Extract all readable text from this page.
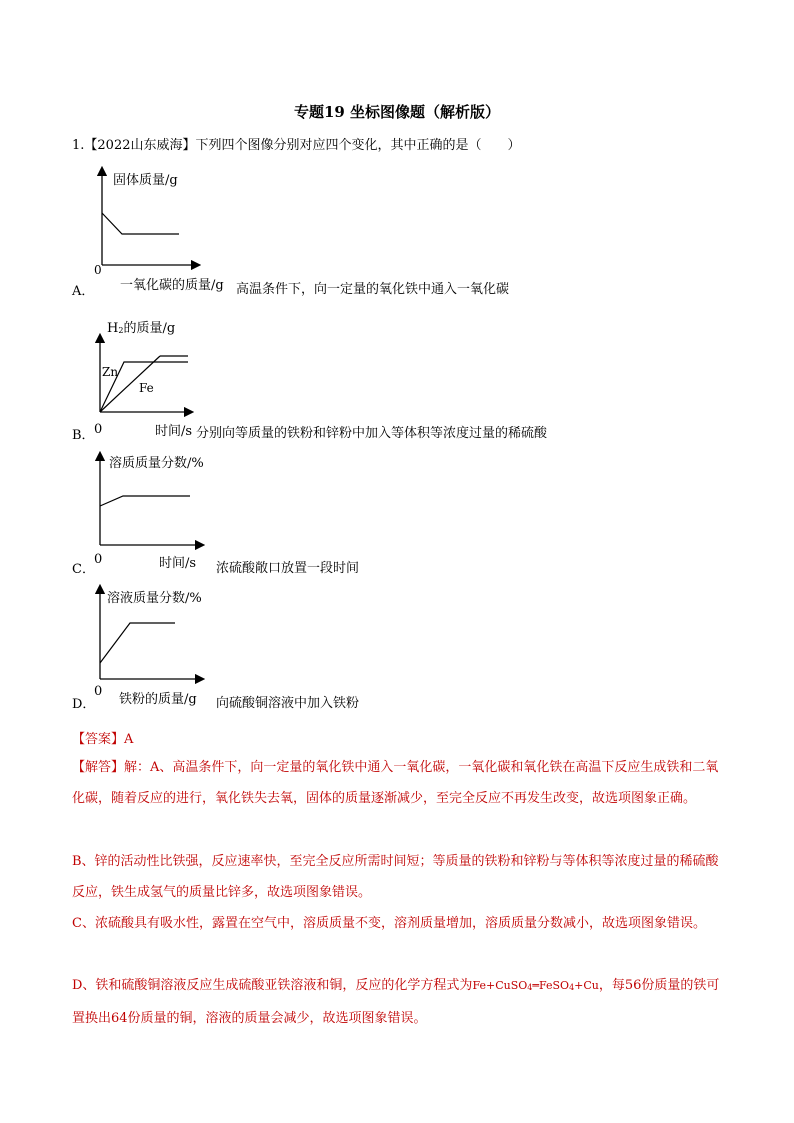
专题19 坐标图像题（解析版）
1.【2022山东威海】下列四个图像分别对应四个变化，其中正确的是（　　）
固体质量/g
0
A． 一氧化碳的质量/g 高温条件下，向一定量的氧化铁中通入一氧化碳
$H_2$的质量/g
Zn
Fe
B． 0	时间/s 分别向等质量的铁粉和锌粉中加入等体积等浓度过量的稀硫酸
溶质质量分数/%
0	时间/s
C．	浓硫酸敞口放置一段时间
溶液质量分数/%
0
铁粉的质量/g
D．	向硫酸铜溶液中加入铁粉
【答案】A
【解答】解：A、高温条件下，向一定量的氧化铁中通入一氧化碳，一氧化碳和氧化铁在高温下反应生成铁和二氧化碳，随着反应的进行，氧化铁失去氧，固体的质量逐渐减少，至完全反应不再发生改变，故选项图象正确。
B、锌的活动性比铁强，反应速率快，至完全反应所需时间短；等质量的铁粉和锌粉与等体积等浓度过量的稀硫酸反应，铁生成氢气的质量比锌多，故选项图象错误。
C、浓硫酸具有吸水性，露置在空气中，溶质质量不变，溶剂质量增加，溶质质量分数减小，故选项图象错误。
D、铁和硫酸铜溶液反应生成硫酸亚铁溶液和铜，反应的化学方程式为Fe+CuSO$_4$═FeSO$_4$+Cu，每56份质量的铁可置换出64份质量的铜，溶液的质量会减少，故选项图象错误。
